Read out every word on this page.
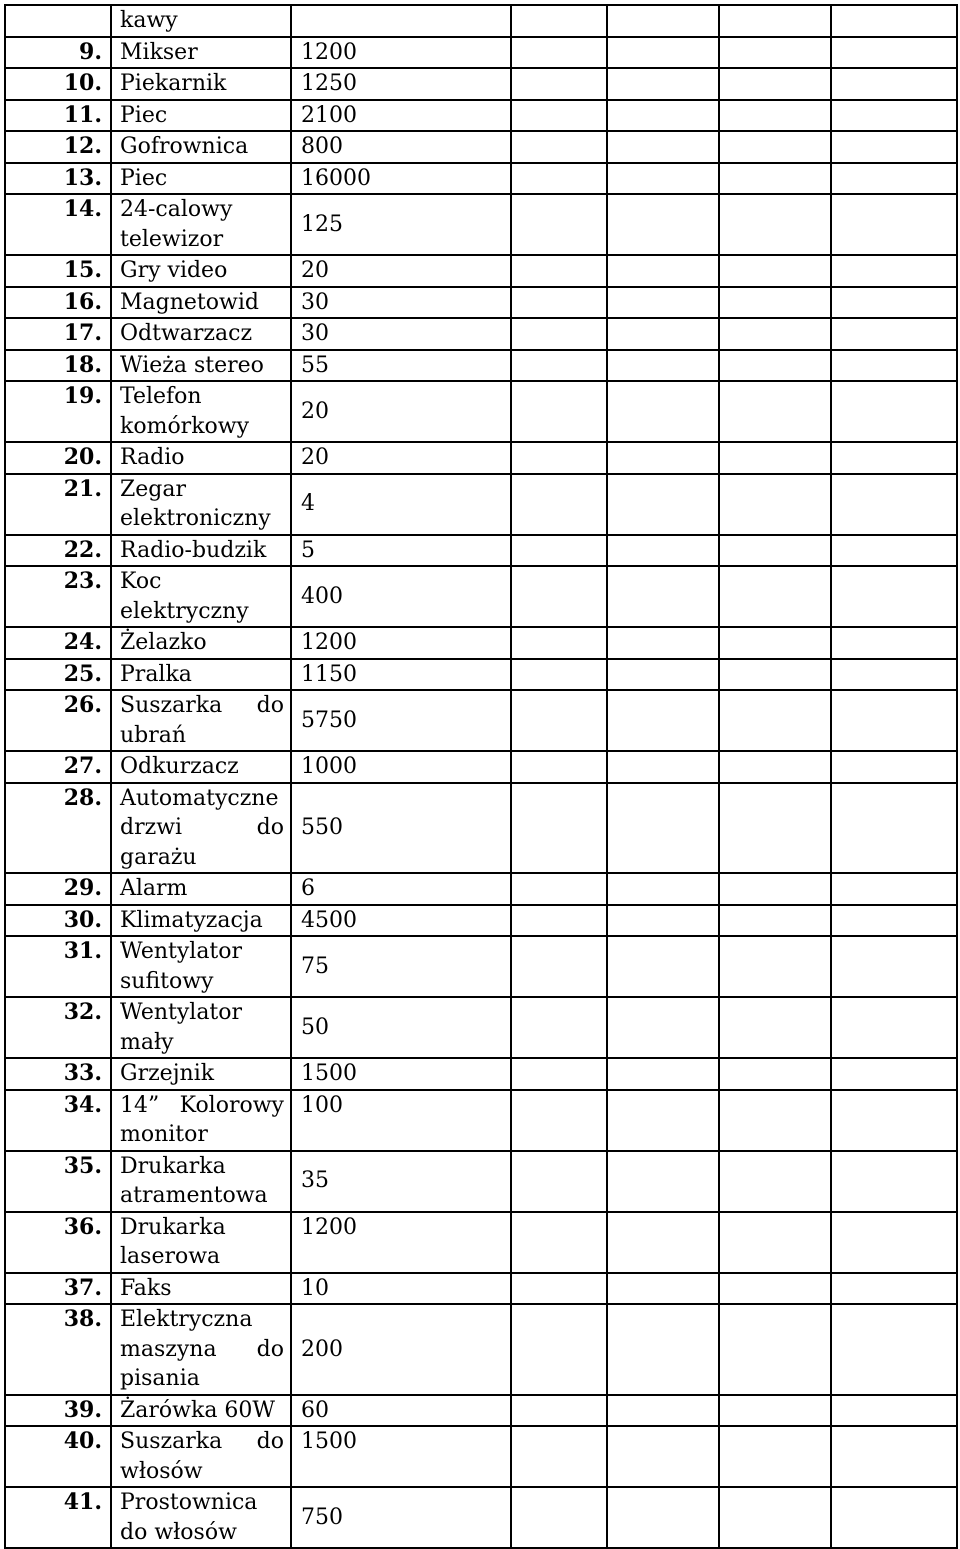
	kawy					
9.	Mikser	1200				
10.	Piekarnik	1250				
11.	Piec	2100				
12.	Gofrownica	800				
13.	Piec	16000				
14.	24-calowy telewizor	125				
15.	Gry video	20				
16.	Magnetowid	30				
17.	Odtwarzacz	30				
18.	Wieża stereo	55				
19.	Telefon komórkowy	20				
20.	Radio	20				
21.	Zegar elektroniczny	4				
22.	Radio-budzik	5				
23.	Koc elektryczny	400				
24.	Żelazko	1200				
25.	Pralka	1150				
26.	Suszarka do ubrań	5750				
27.	Odkurzacz	1000				
28.	Automatyczne drzwi do garażu	550				
29.	Alarm	6				
30.	Klimatyzacja	4500				
31.	Wentylator sufitowy	75				
32.	Wentylator mały	50				
33.	Grzejnik	1500				
34.	14” Kolorowy monitor	100				
35.	Drukarka atramentowa	35				
36.	Drukarka laserowa	1200				
37.	Faks	10				
38.	Elektryczna maszyna do pisania	200				
39.	Żarówka 60W	60				
40.	Suszarka do włosów	1500				
41.	Prostownica do włosów	750				
